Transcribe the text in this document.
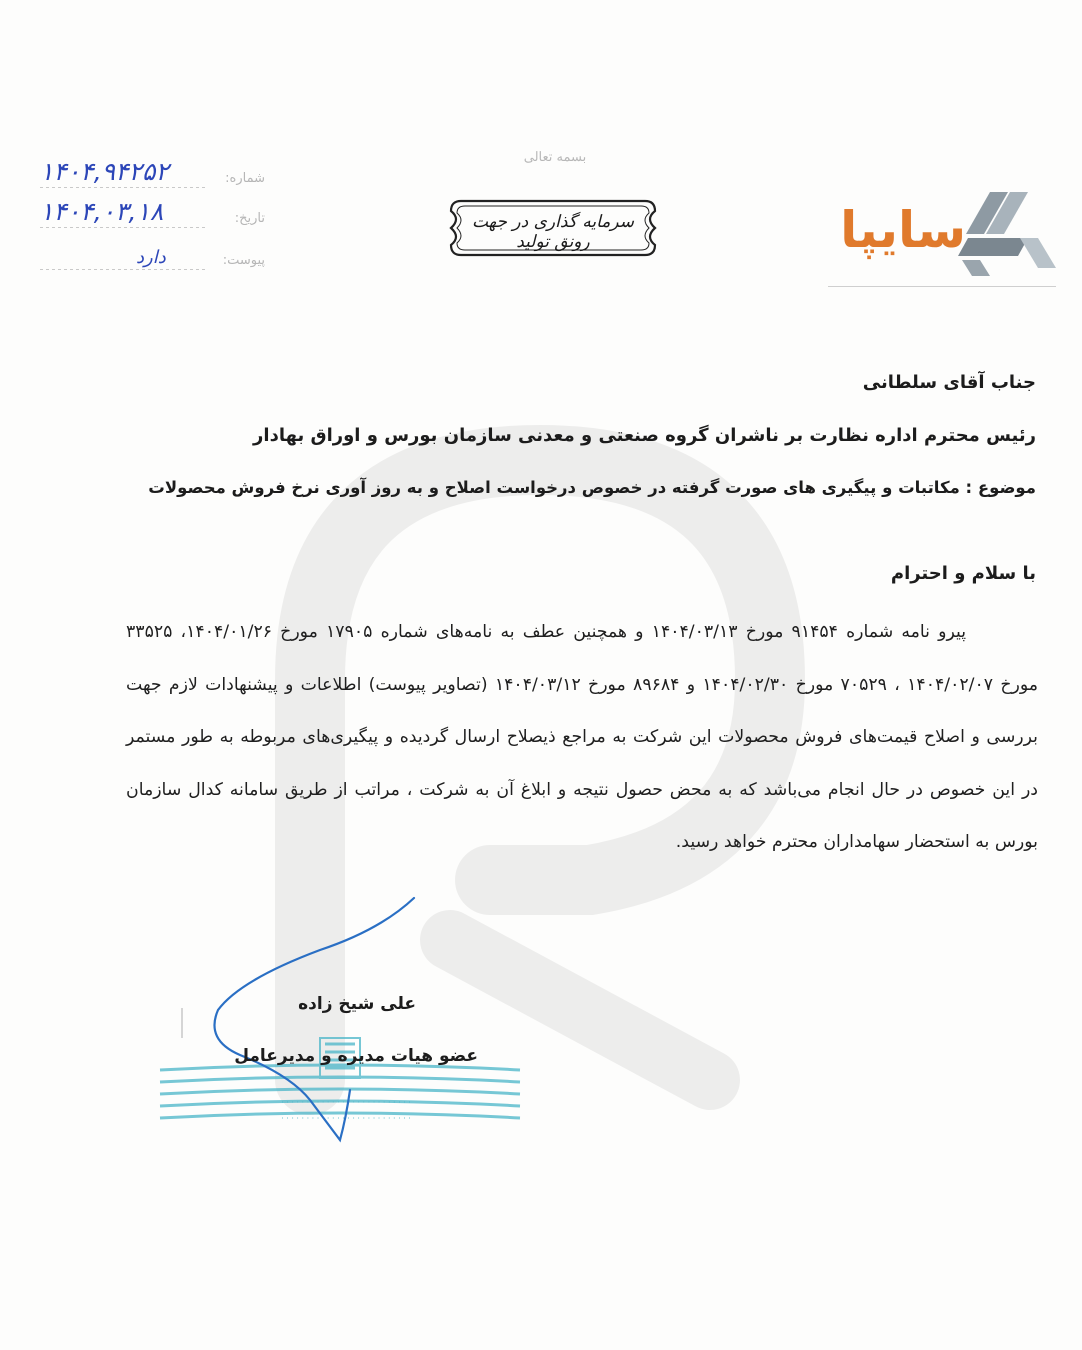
بسمه تعالی
سرمایه گذاری در جهت رونق تولید	سایپا
۱۴۰۴,۹۴۲۵۲	شماره:
۱۴۰۴,۰۳,۱۸	تاریخ:
دارد	پیوست:
جناب آقای سلطانی
رئیس محترم اداره نظارت بر ناشران گروه صنعتی و معدنی سازمان بورس و اوراق بهادار
موضوع : مکاتبات و پیگیری های صورت گرفته در خصوص درخواست اصلاح و به روز آوری نرخ فروش محصولات
با سلام و احترام
پیرو نامه شماره ۹۱۴۵۴ مورخ ۱۴۰۴/۰۳/۱۳ و همچنین عطف به نامه‌های شماره ۱۷۹۰۵ مورخ ۱۴۰۴/۰۱/۲۶، ۳۳۵۲۵ مورخ ۱۴۰۴/۰۲/۰۷ ، ۷۰۵۲۹ مورخ ۱۴۰۴/۰۲/۳۰ و ۸۹۶۸۴ مورخ ۱۴۰۴/۰۳/۱۲ (تصاویر پیوست) اطلاعات و پیشنهادات لازم جهت بررسی و اصلاح قیمت‌های فروش محصولات این شرکت به مراجع ذیصلاح ارسال گردیده و پیگیری‌های مربوطه به طور مستمر در این خصوص در حال انجام می‌باشد که به محض حصول نتیجه و ابلاغ آن به شرکت ، مراتب از طریق سامانه کدال سازمان بورس به استحضار سهامداران محترم خواهد رسید.
· · · · · · · · · · · · · · · · · · · · · · · · · ·
· · · · · · · · · · · · · · · · · · · · · · · · · ·
علی شیخ زاده
عضو هیات مدیره و مدیرعامل
